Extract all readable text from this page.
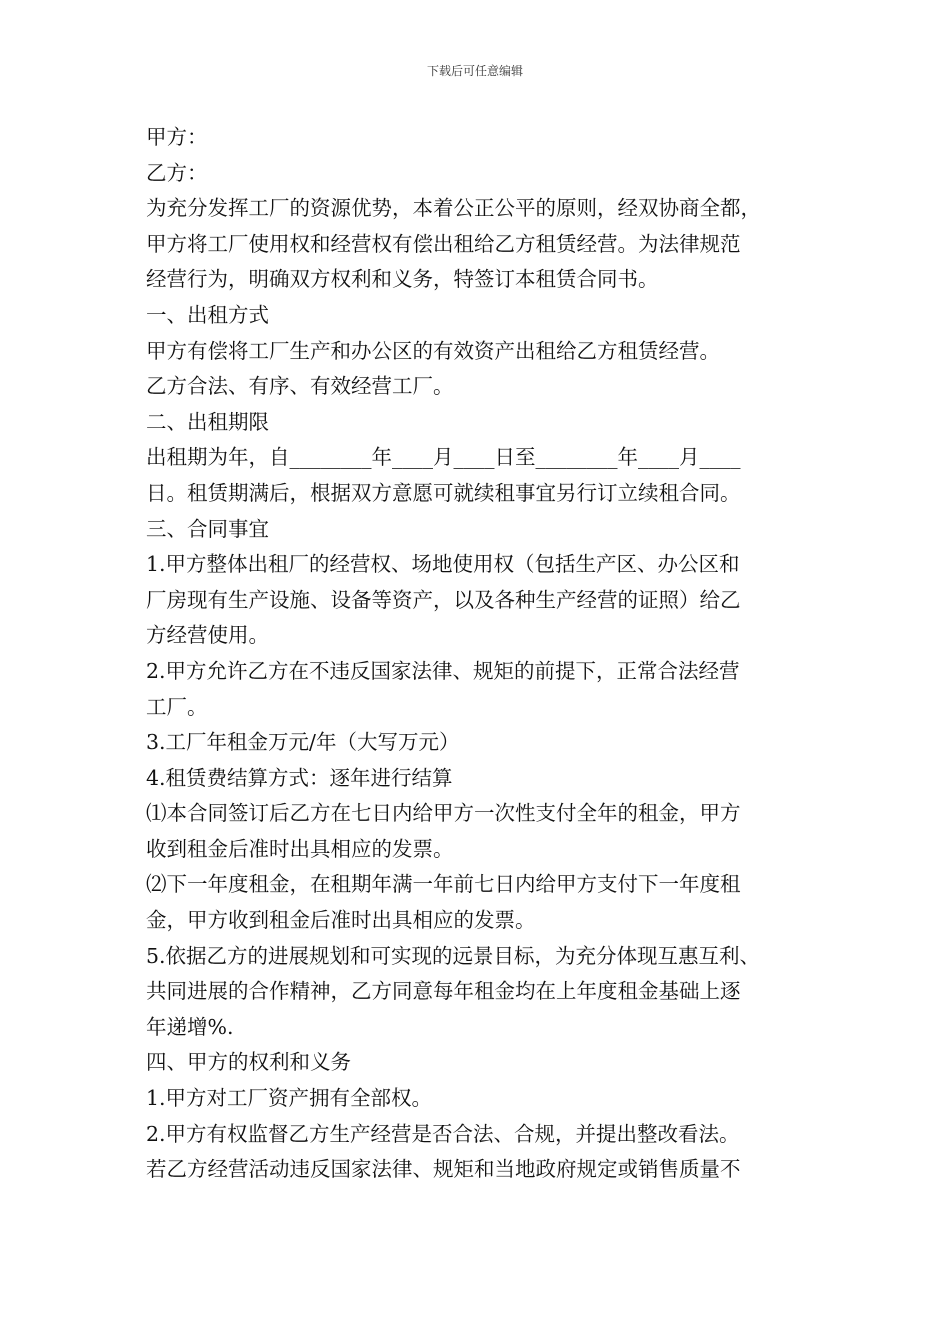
下载后可任意编辑
甲方：
乙方：
为充分发挥工厂的资源优势，本着公正公平的原则，经双协商全都，
甲方将工厂使用权和经营权有偿出租给乙方租赁经营。为法律规范
经营行为，明确双方权利和义务，特签订本租赁合同书。
一、出租方式
甲方有偿将工厂生产和办公区的有效资产出租给乙方租赁经营。
乙方合法、有序、有效经营工厂。
二、出租期限
出租期为年，自________年____月____日至________年____月____
日。租赁期满后，根据双方意愿可就续租事宜另行订立续租合同。
三、合同事宜
1.甲方整体出租厂的经营权、场地使用权（包括生产区、办公区和
厂房现有生产设施、设备等资产，以及各种生产经营的证照）给乙
方经营使用。
2.甲方允许乙方在不违反国家法律、规矩的前提下，正常合法经营
工厂。
3.工厂年租金万元/年（大写万元）
4.租赁费结算方式：逐年进行结算
⑴本合同签订后乙方在七日内给甲方一次性支付全年的租金，甲方
收到租金后准时出具相应的发票。
⑵下一年度租金，在租期年满一年前七日内给甲方支付下一年度租
金，甲方收到租金后准时出具相应的发票。
5.依据乙方的进展规划和可实现的远景目标，为充分体现互惠互利、
共同进展的合作精神，乙方同意每年租金均在上年度租金基础上逐
年递增%.
四、甲方的权利和义务
1.甲方对工厂资产拥有全部权。
2.甲方有权监督乙方生产经营是否合法、合规，并提出整改看法。
若乙方经营活动违反国家法律、规矩和当地政府规定或销售质量不
